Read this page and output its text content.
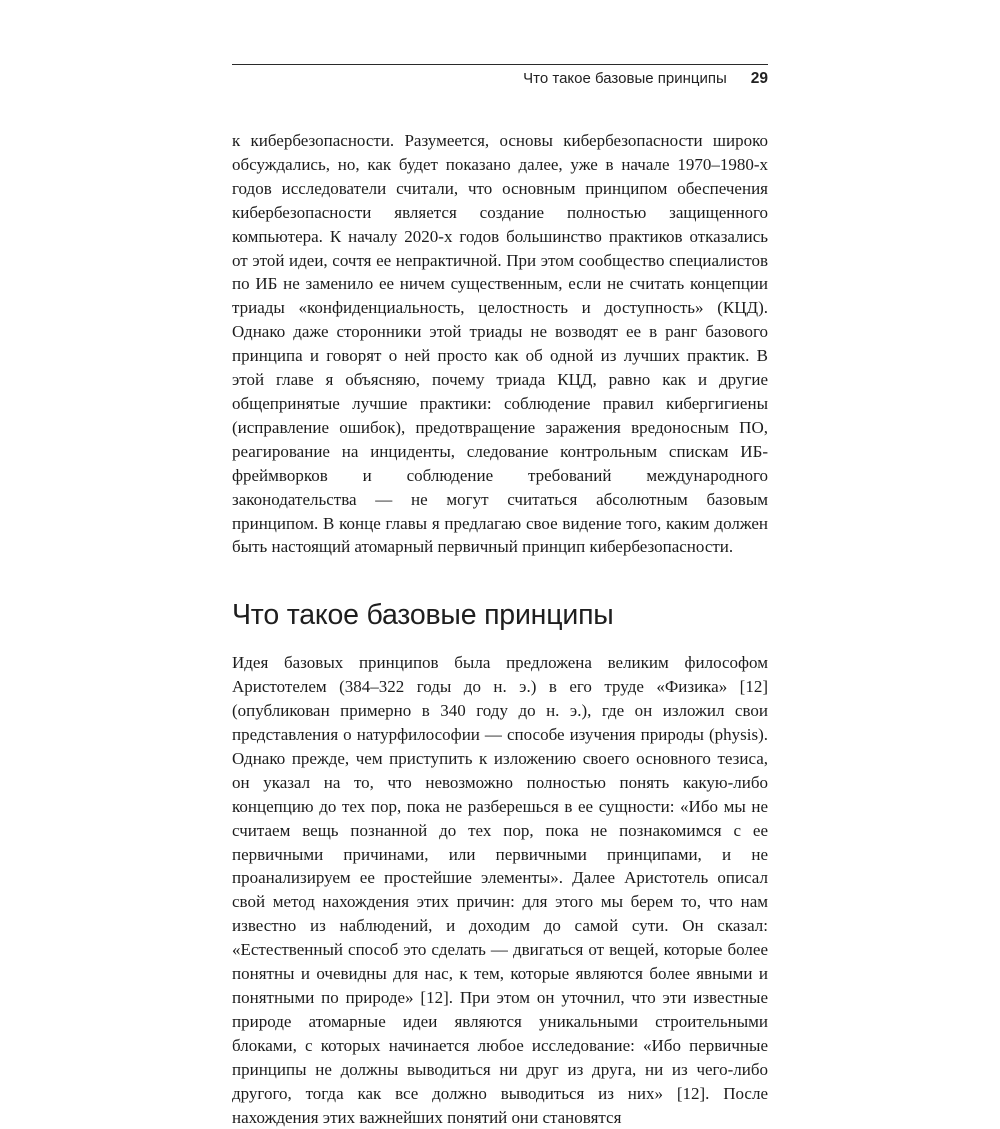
Что такое базовые принципы 29

к кибербезопасности. Разумеется, основы кибербезопасности широко обсуждались, но, как будет показано далее, уже в начале 1970–1980-х годов исследователи считали, что основным принципом обеспечения кибербезопасности является создание полностью защищенного компьютера. К началу 2020-х годов большинство практиков отказались от этой идеи, сочтя ее непрактичной. При этом сообщество специалистов по ИБ не заменило ее ничем существенным, если не считать концепции триады «конфиденциальность, целостность и доступность» (КЦД). Однако даже сторонники этой триады не возводят ее в ранг базового принципа и говорят о ней просто как об одной из лучших практик. В этой главе я объясняю, почему триада КЦД, равно как и другие общепринятые лучшие практики: соблюдение правил кибергигиены (исправление ошибок), предотвращение заражения вредоносным ПО, реагирование на инциденты, следование контрольным спискам ИБ-фреймворков и соблюдение требований международного законодательства — не могут считаться абсолютным базовым принципом. В конце главы я предлагаю свое видение того, каким должен быть настоящий атомарный первичный принцип кибербезопасности.

Что такое базовые принципы

Идея базовых принципов была предложена великим философом Аристотелем (384–322 годы до н. э.) в его труде «Физика» [12] (опубликован примерно в 340 году до н. э.), где он изложил свои представления о натурфилософии — способе изучения природы (physis). Однако прежде, чем приступить к изложению своего основного тезиса, он указал на то, что невозможно полностью понять какую-либо концепцию до тех пор, пока не разберешься в ее сущности: «Ибо мы не считаем вещь познанной до тех пор, пока не познакомимся с ее первичными причинами, или первичными принципами, и не проанализируем ее простейшие элементы». Далее Аристотель описал свой метод нахождения этих причин: для этого мы берем то, что нам известно из наблюдений, и доходим до самой сути. Он сказал: «Естественный способ это сделать — двигаться от вещей, которые более понятны и очевидны для нас, к тем, которые являются более явными и понятными по природе» [12]. При этом он уточнил, что эти известные природе атомарные идеи являются уникальными строительными блоками, с которых начинается любое исследование: «Ибо первичные принципы не должны выводиться ни друг из друга, ни из чего-либо другого, тогда как все должно выводиться из них» [12]. После нахождения этих важнейших понятий они становятся
